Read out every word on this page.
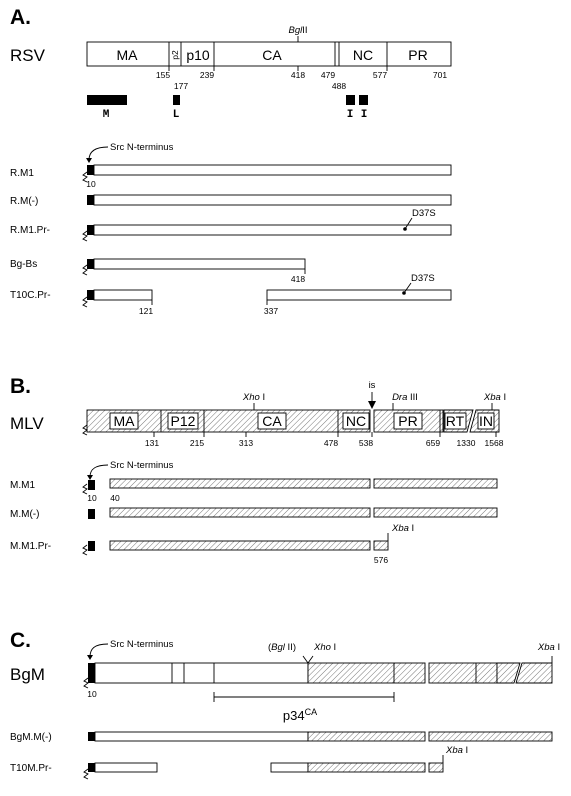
A.
RSV	MA	p2 p10	CA	NC	PR
BglII
155
177
239	418 479
488
577	701
M	L	I I
Src N-terminus
R.M1
10
R.M(-)
R.M1.Pr-
D37S
Bg-Bs
418
T10C.Pr-
121	337
D37S
B.
MLV	MA	P12	CA	NC PR RT IN
Xho I	Dra III	Xba I
is
131	215	313	478 538	659 1330 1568
Src N-terminus
M.M1
10 40
M.M(-)
M.M1.Pr-
Xba I
576
C.
BgM
Src N-terminus
10
(Bgl II) Xho I	Xba I
$p34^{CA}$
BgM.M(-)
T10M.Pr-
Xba I
